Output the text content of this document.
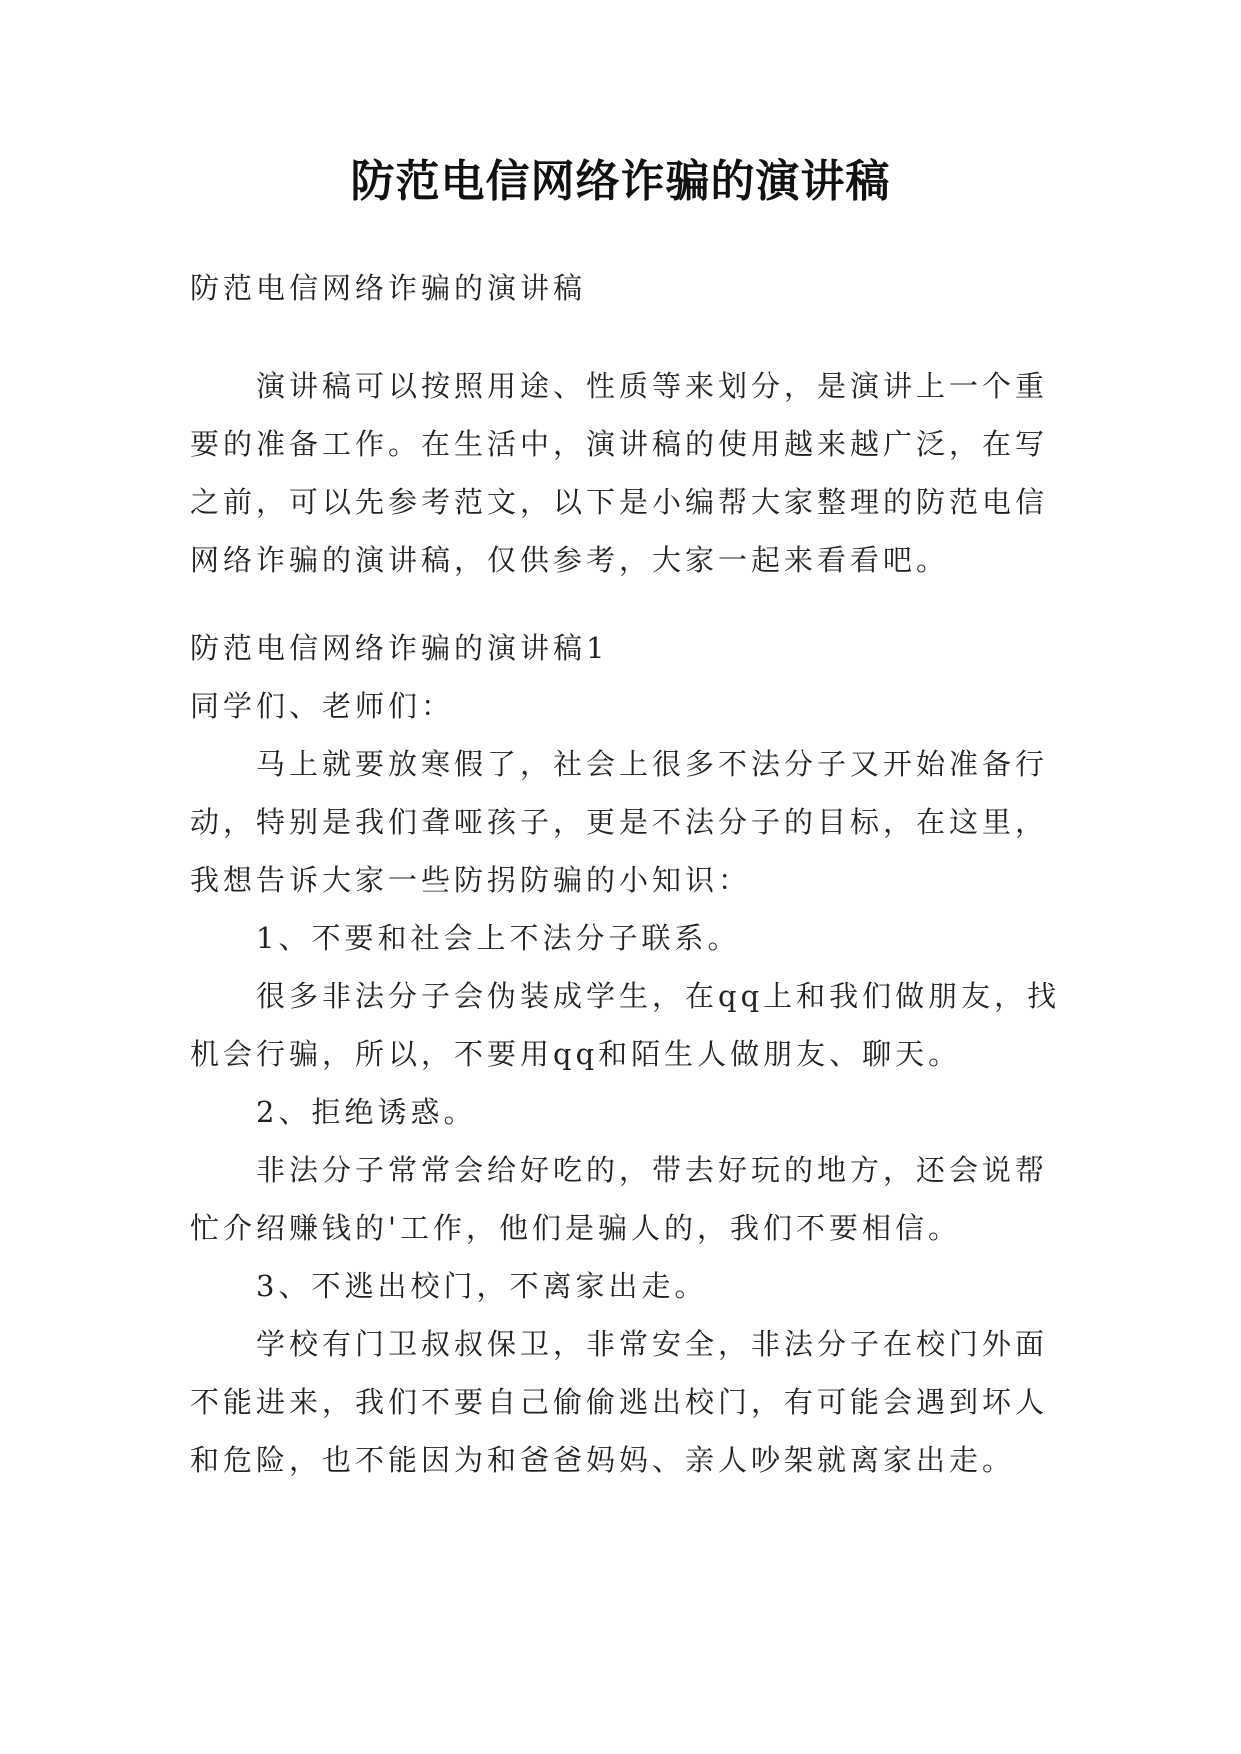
防范电信网络诈骗的演讲稿
防范电信网络诈骗的演讲稿
演讲稿可以按照用途、性质等来划分，是演讲上一个重要的准备工作。在生活中，演讲稿的使用越来越广泛，在写之前，可以先参考范文，以下是小编帮大家整理的防范电信网络诈骗的演讲稿，仅供参考，大家一起来看看吧。
防范电信网络诈骗的演讲稿1
同学们、老师们：
马上就要放寒假了，社会上很多不法分子又开始准备行动，特别是我们聋哑孩子，更是不法分子的目标，在这里，我想告诉大家一些防拐防骗的小知识：
1、不要和社会上不法分子联系。
很多非法分子会伪装成学生，在qq上和我们做朋友，找机会行骗，所以，不要用qq和陌生人做朋友、聊天。
2、拒绝诱惑。
非法分子常常会给好吃的，带去好玩的地方，还会说帮忙介绍赚钱的'工作，他们是骗人的，我们不要相信。
3、不逃出校门，不离家出走。
学校有门卫叔叔保卫，非常安全，非法分子在校门外面不能进来，我们不要自己偷偷逃出校门，有可能会遇到坏人和危险，也不能因为和爸爸妈妈、亲人吵架就离家出走。
